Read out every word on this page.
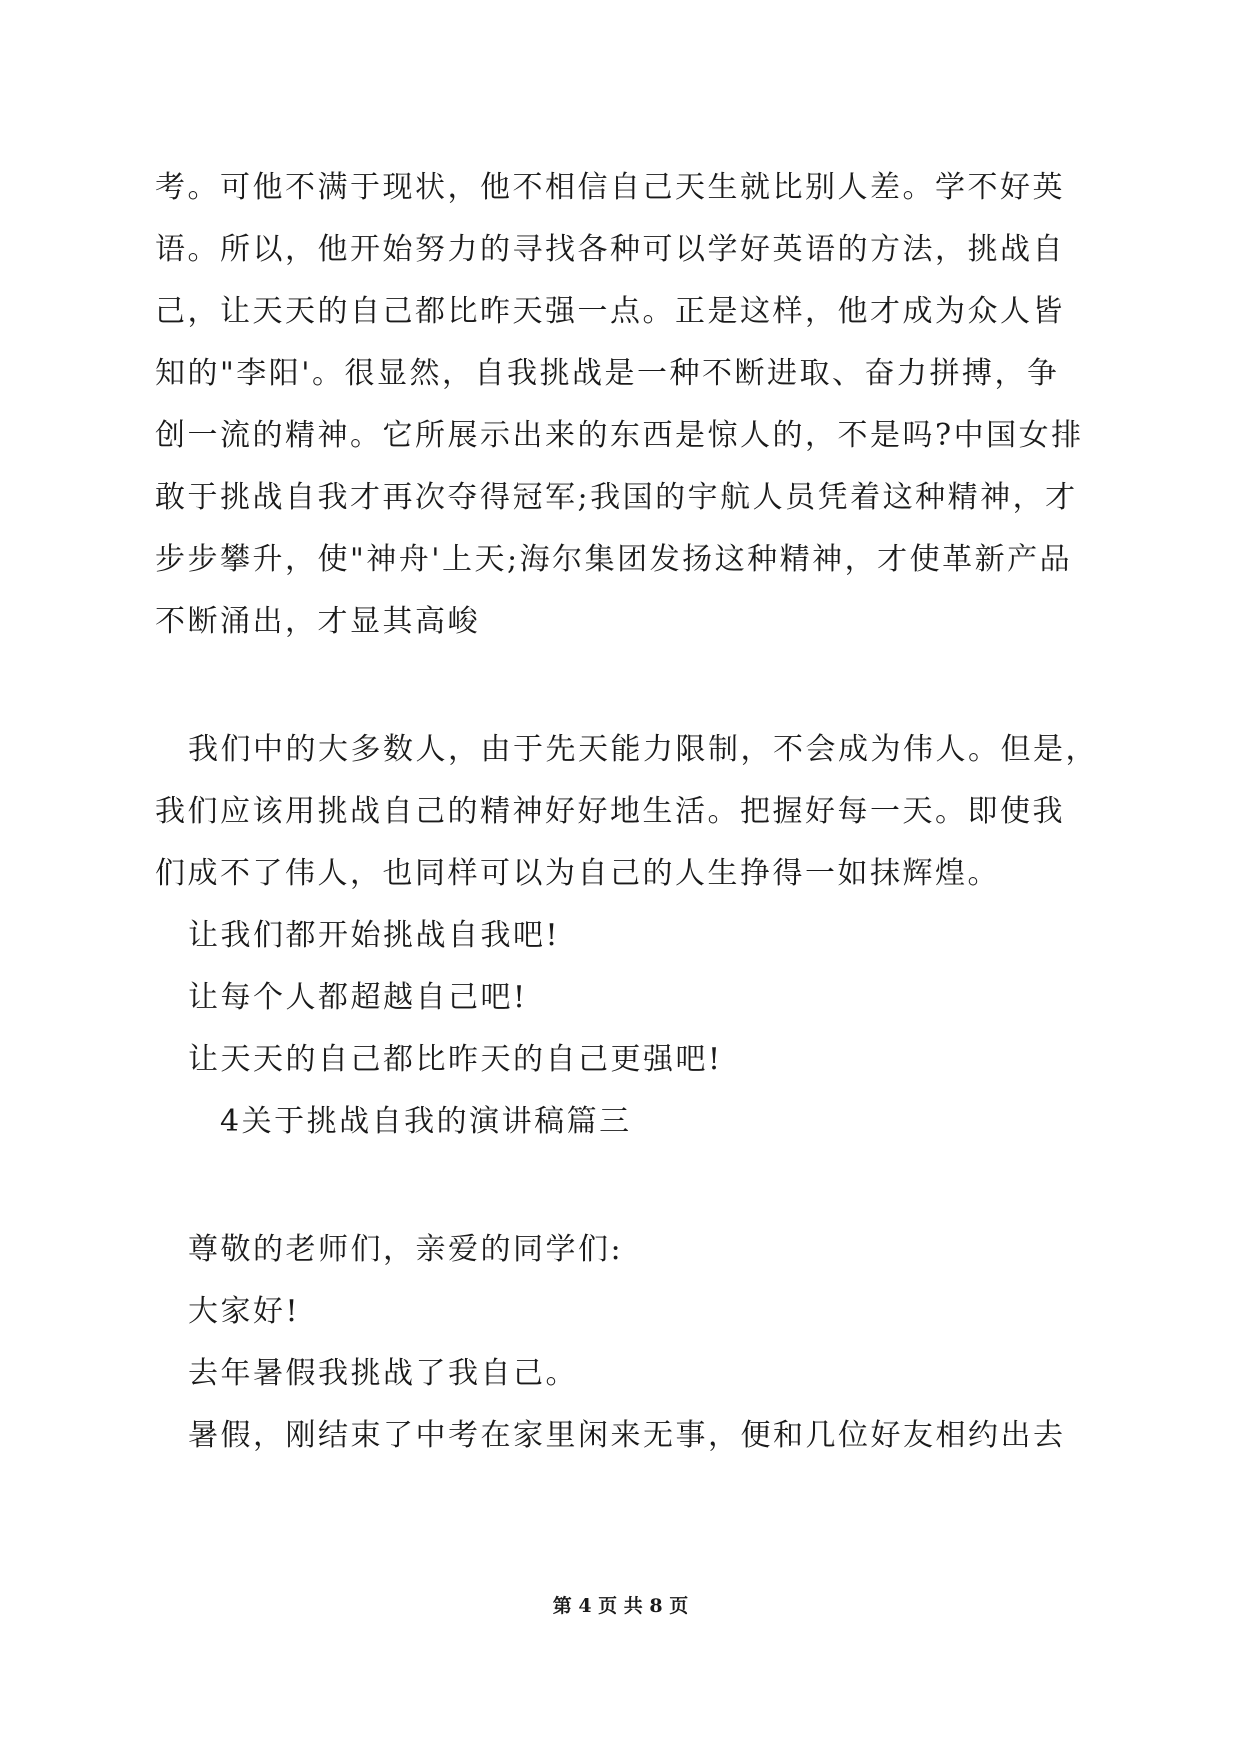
考。可他不满于现状，他不相信自己天生就比别人差。学不好英
语。所以，他开始努力的寻找各种可以学好英语的方法，挑战自
己，让天天的自己都比昨天强一点。正是这样，他才成为众人皆
知的"李阳'。很显然，自我挑战是一种不断进取、奋力拼搏，争
创一流的精神。它所展示出来的东西是惊人的，不是吗?中国女排
敢于挑战自我才再次夺得冠军;我国的宇航人员凭着这种精神，才
步步攀升，使"神舟'上天;海尔集团发扬这种精神，才使革新产品
不断涌出，才显其高峻
我们中的大多数人，由于先天能力限制，不会成为伟人。但是，
我们应该用挑战自己的精神好好地生活。把握好每一天。即使我
们成不了伟人，也同样可以为自己的人生挣得一如抹辉煌。
让我们都开始挑战自我吧!
让每个人都超越自己吧!
让天天的自己都比昨天的自己更强吧!
4关于挑战自我的演讲稿篇三
尊敬的老师们，亲爱的同学们:
大家好!
去年暑假我挑战了我自己。
暑假，刚结束了中考在家里闲来无事，便和几位好友相约出去
第 4 页 共 8 页
